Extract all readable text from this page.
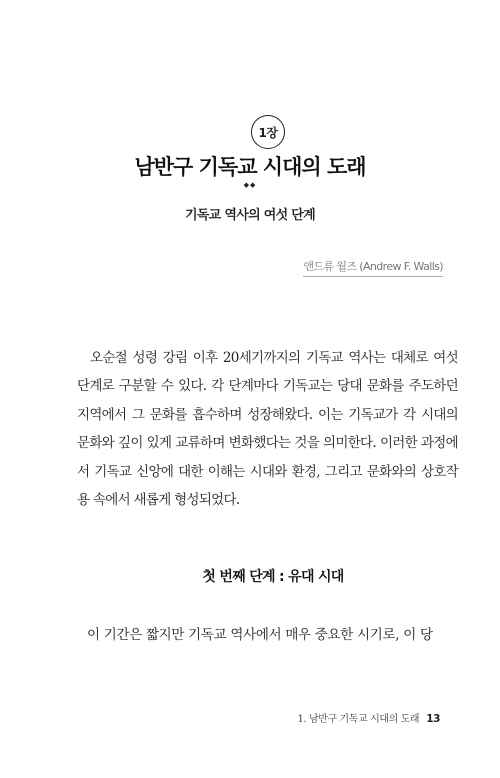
1장
남반구 기독교 시대의 도래
◆◆
기독교 역사의 여섯 단계
앤드류 월즈 (Andrew F. Walls)

오순절 성령 강림 이후 20세기까지의 기독교 역사는 대체로 여섯 단계로 구분할 수 있다. 각 단계마다 기독교는 당대 문화를 주도하던 지역에서 그 문화를 흡수하며 성장해왔다. 이는 기독교가 각 시대의 문화와 깊이 있게 교류하며 변화했다는 것을 의미한다. 이러한 과정에서 기독교 신앙에 대한 이해는 시대와 환경, 그리고 문화와의 상호작용 속에서 새롭게 형성되었다.

첫 번째 단계 : 유대 시대
이 기간은 짧지만 기독교 역사에서 매우 중요한 시기로, 이 당
1. 남반구 기독교 시대의 도래 13
